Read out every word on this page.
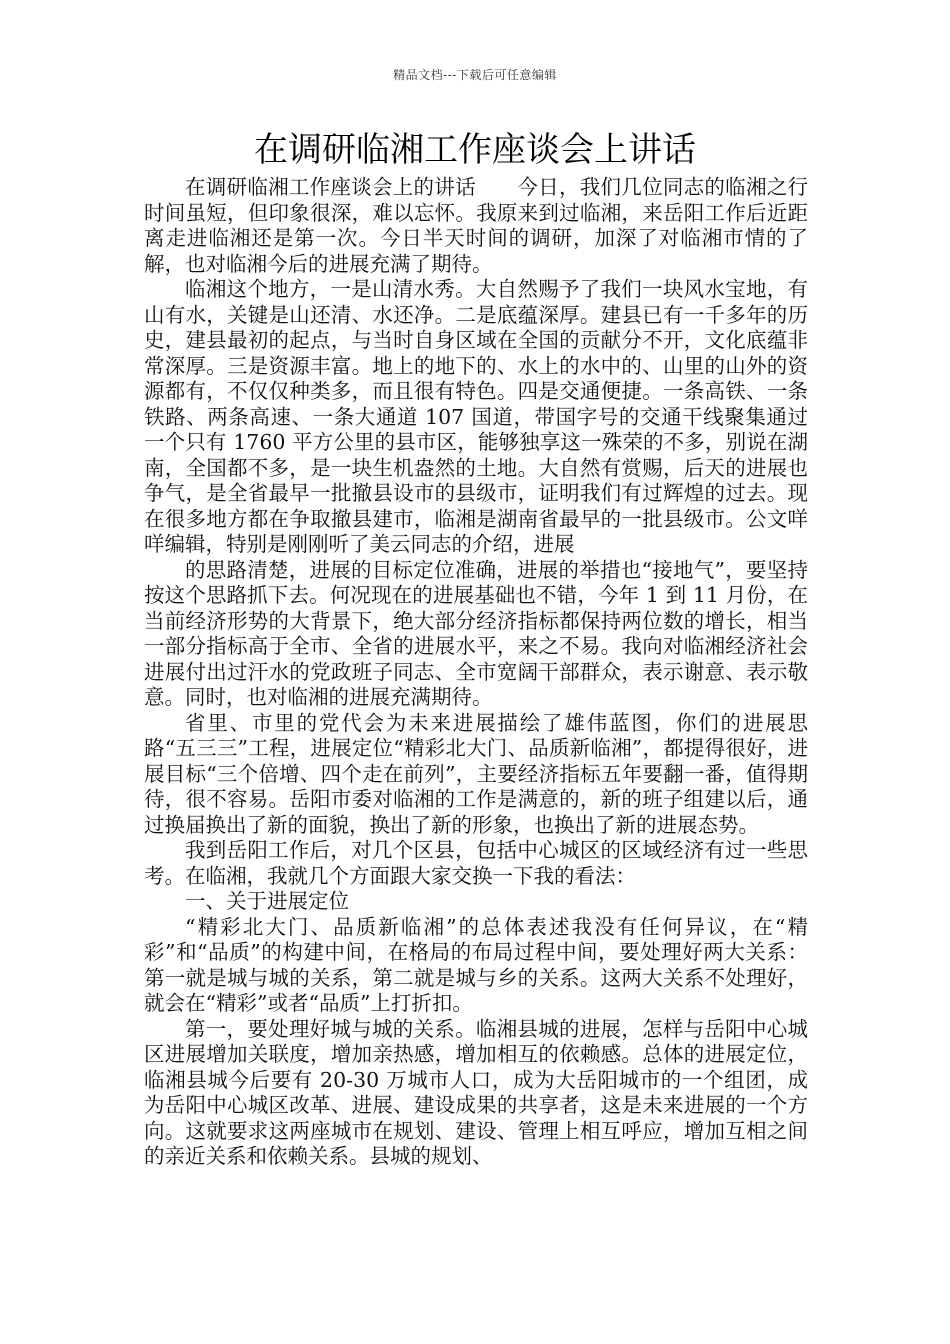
精品文档---下载后可任意编辑
在调研临湘工作座谈会上讲话

在调研临湘工作座谈会上的讲话　　今日，我们几位同志的临湘之行时间虽短，但印象很深，难以忘怀。我原来到过临湘，来岳阳工作后近距离走进临湘还是第一次。今日半天时间的调研，加深了对临湘市情的了解，也对临湘今后的进展充满了期待。

临湘这个地方，一是山清水秀。大自然赐予了我们一块风水宝地，有山有水，关键是山还清、水还净。二是底蕴深厚。建县已有一千多年的历史，建县最初的起点，与当时自身区域在全国的贡献分不开，文化底蕴非常深厚。三是资源丰富。地上的地下的、水上的水中的、山里的山外的资源都有，不仅仅种类多，而且很有特色。四是交通便捷。一条高铁、一条铁路、两条高速、一条大通道 107 国道，带国字号的交通干线聚集通过一个只有 1760 平方公里的县市区，能够独享这一殊荣的不多，别说在湖南，全国都不多，是一块生机盎然的土地。大自然有赏赐，后天的进展也争气，是全省最早一批撤县设市的县级市，证明我们有过辉煌的过去。现在很多地方都在争取撤县建市，临湘是湖南省最早的一批县级市。公文咩咩编辑，特别是刚刚听了美云同志的介绍，进展

的思路清楚，进展的目标定位准确，进展的举措也“接地气”，要坚持按这个思路抓下去。何况现在的进展基础也不错，今年 1 到 11 月份，在当前经济形势的大背景下，绝大部分经济指标都保持两位数的增长，相当一部分指标高于全市、全省的进展水平，来之不易。我向对临湘经济社会进展付出过汗水的党政班子同志、全市宽阔干部群众，表示谢意、表示敬意。同时，也对临湘的进展充满期待。

省里、市里的党代会为未来进展描绘了雄伟蓝图，你们的进展思路“五三三”工程，进展定位“精彩北大门、品质新临湘”，都提得很好，进展目标“三个倍增、四个走在前列”，主要经济指标五年要翻一番，值得期待，很不容易。岳阳市委对临湘的工作是满意的，新的班子组建以后，通过换届换出了新的面貌，换出了新的形象，也换出了新的进展态势。

我到岳阳工作后，对几个区县，包括中心城区的区域经济有过一些思考。在临湘，我就几个方面跟大家交换一下我的看法：

一、关于进展定位

“精彩北大门、品质新临湘”的总体表述我没有任何异议，在“精彩”和“品质”的构建中间，在格局的布局过程中间，要处理好两大关系：第一就是城与城的关系，第二就是城与乡的关系。这两大关系不处理好，就会在“精彩”或者“品质”上打折扣。

第一，要处理好城与城的关系。临湘县城的进展，怎样与岳阳中心城区进展增加关联度，增加亲热感，增加相互的依赖感。总体的进展定位，临湘县城今后要有 20-30 万城市人口，成为大岳阳城市的一个组团，成为岳阳中心城区改革、进展、建设成果的共享者，这是未来进展的一个方向。这就要求这两座城市在规划、建设、管理上相互呼应，增加互相之间的亲近关系和依赖关系。县城的规划、
